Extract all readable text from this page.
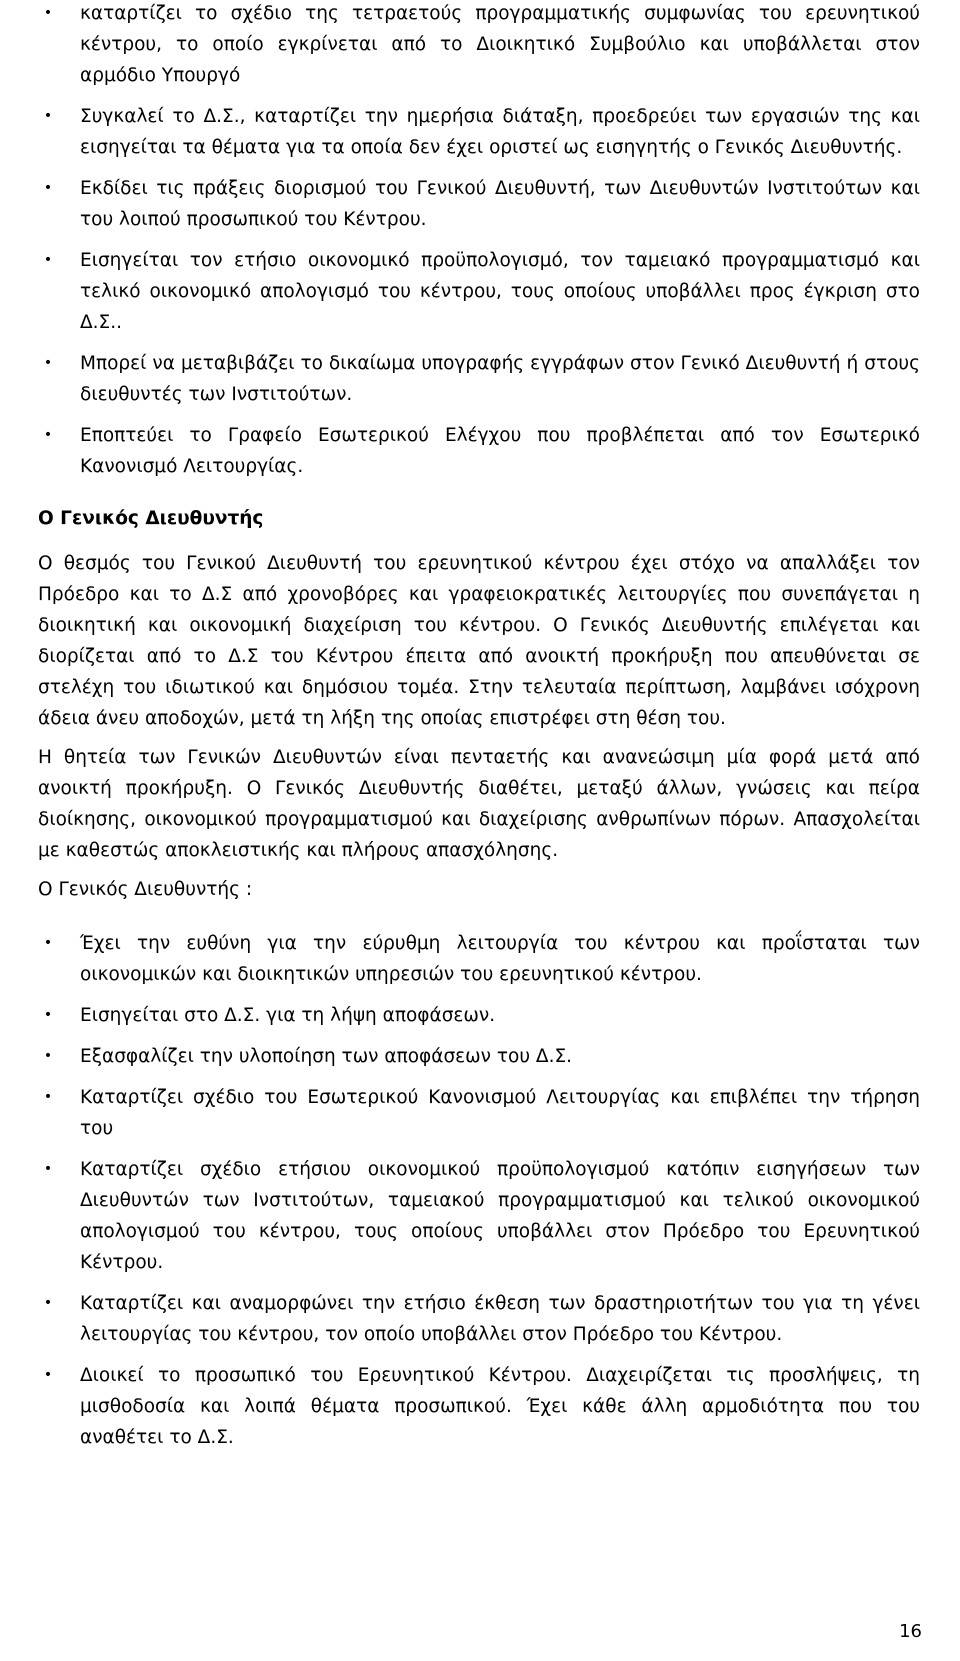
•	καταρτίζει το σχέδιο της τετραετούς προγραμματικής συμφωνίας του ερευνητικού κέντρου, το οποίο εγκρίνεται από το Διοικητικό Συμβούλιο και υποβάλλεται στον αρμόδιο Υπουργό
•	Συγκαλεί το Δ.Σ., καταρτίζει την ημερήσια διάταξη, προεδρεύει των εργασιών της και εισηγείται τα θέματα για τα οποία δεν έχει οριστεί ως εισηγητής ο Γενικός Διευθυντής.
•	Εκδίδει τις πράξεις διορισμού του Γενικού Διευθυντή, των Διευθυντών Ινστιτούτων και του λοιπού προσωπικού του Κέντρου.
•	Εισηγείται τον ετήσιο οικονομικό προϋπολογισμό, τον ταμειακό προγραμματισμό και τελικό οικονομικό απολογισμό του κέντρου, τους οποίους υποβάλλει προς έγκριση στο Δ.Σ..
•	Μπορεί να μεταβιβάζει το δικαίωμα υπογραφής εγγράφων στον Γενικό Διευθυντή ή στους διευθυντές των Ινστιτούτων.
•	Εποπτεύει το Γραφείο Εσωτερικού Ελέγχου που προβλέπεται από τον Εσωτερικό Κανονισμό Λειτουργίας.

Ο Γενικός Διευθυντής

Ο θεσμός του Γενικού Διευθυντή του ερευνητικού κέντρου έχει στόχο να απαλλάξει τον Πρόεδρο και το Δ.Σ από χρονοβόρες και γραφειοκρατικές λειτουργίες που συνεπάγεται η διοικητική και οικονομική διαχείριση του κέντρου. Ο Γενικός Διευθυντής επιλέγεται και διορίζεται από το Δ.Σ του Κέντρου έπειτα από ανοικτή προκήρυξη που απευθύνεται σε στελέχη του ιδιωτικού και δημόσιου τομέα. Στην τελευταία περίπτωση, λαμβάνει ισόχρονη άδεια άνευ αποδοχών, μετά τη λήξη της οποίας επιστρέφει στη θέση του.

Η θητεία των Γενικών Διευθυντών είναι πενταετής και ανανεώσιμη μία φορά μετά από ανοικτή προκήρυξη. Ο Γενικός Διευθυντής διαθέτει, μεταξύ άλλων, γνώσεις και πείρα διοίκησης, οικονομικού προγραμματισμού και διαχείρισης ανθρωπίνων πόρων. Απασχολείται με καθεστώς αποκλειστικής και πλήρους απασχόλησης.

Ο Γενικός Διευθυντής :

•	Έχει την ευθύνη για την εύρυθμη λειτουργία του κέντρου και προΐσταται των οικονομικών και διοικητικών υπηρεσιών του ερευνητικού κέντρου.
•	Εισηγείται στο Δ.Σ. για τη λήψη αποφάσεων.
•	Εξασφαλίζει την υλοποίηση των αποφάσεων του Δ.Σ.
•	Καταρτίζει σχέδιο του Εσωτερικού Κανονισμού Λειτουργίας και επιβλέπει την τήρηση του
•	Καταρτίζει σχέδιο ετήσιου οικονομικού προϋπολογισμού κατόπιν εισηγήσεων των Διευθυντών των Ινστιτούτων, ταμειακού προγραμματισμού και τελικού οικονομικού απολογισμού του κέντρου, τους οποίους υποβάλλει στον Πρόεδρο του Ερευνητικού Κέντρου.
•	Καταρτίζει και αναμορφώνει την ετήσιο έκθεση των δραστηριοτήτων του για τη γένει λειτουργίας του κέντρου, τον οποίο υποβάλλει στον Πρόεδρο του Κέντρου.
•	Διοικεί το προσωπικό του Ερευνητικού Κέντρου. Διαχειρίζεται τις προσλήψεις, τη μισθοδοσία και λοιπά θέματα προσωπικού. Έχει κάθε άλλη αρμοδιότητα που του αναθέτει το Δ.Σ.
16
